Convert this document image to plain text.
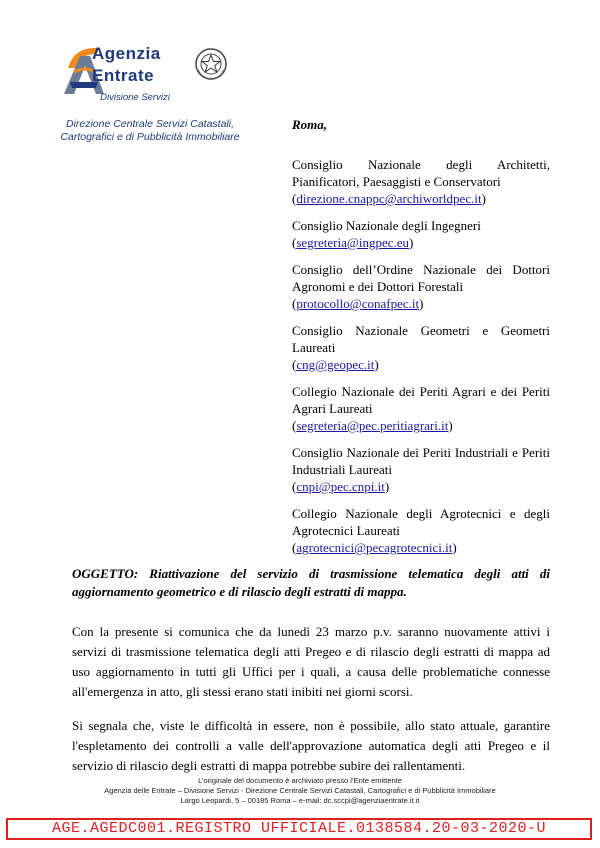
Agenzia
Entrate
Divisione Servizi
Direzione Centrale Servizi Catastali,
Cartografici e di Pubblicità Immobiliare
Roma,
Consiglio Nazionale degli Architetti, Pianificatori, Paesaggisti e Conservatori
(direzione.cnappc@archiworldpec.it)
Consiglio Nazionale degli Ingegneri
(segreteria@ingpec.eu)
Consiglio dell’Ordine Nazionale dei Dottori Agronomi e dei Dottori Forestali
(protocollo@conafpec.it)
Consiglio Nazionale Geometri e Geometri Laureati
(cng@geopec.it)
Collegio Nazionale dei Periti Agrari e dei Periti Agrari Laureati
(segreteria@pec.peritiagrari.it)
Consiglio Nazionale dei Periti Industriali e Periti Industriali Laureati
(cnpi@pec.cnpi.it)
Collegio Nazionale degli Agrotecnici e degli Agrotecnici Laureati
(agrotecnici@pecagrotecnici.it)
OGGETTO: Riattivazione del servizio di trasmissione telematica degli atti di aggiornamento geometrico e di rilascio degli estratti di mappa.
Con la presente si comunica che da lunedì 23 marzo p.v. saranno nuovamente attivi i servizi di trasmissione telematica degli atti Pregeo e di rilascio degli estratti di mappa ad uso aggiornamento in tutti gli Uffici per i quali, a causa delle problematiche connesse all'emergenza in atto, gli stessi erano stati inibiti nei giorni scorsi.
Si segnala che, viste le difficoltà in essere, non è possibile, allo stato attuale, garantire l'espletamento dei controlli a valle dell'approvazione automatica degli atti Pregeo e il servizio di rilascio degli estratti di mappa potrebbe subire dei rallentamenti.
L’originale del documento è archiviato presso l’Ente emittente
Agenzia delle Entrate – Divisione Servizi - Direzione Centrale Servizi Catastali, Cartografici e di Pubblicità Immobiliare
Largo Leopardi, 5 – 00185 Roma – e-mail: dc.sccpi@agenziaentrate.it.it
AGE.AGEDC001.REGISTRO UFFICIALE.0138584.20-03-2020-U
